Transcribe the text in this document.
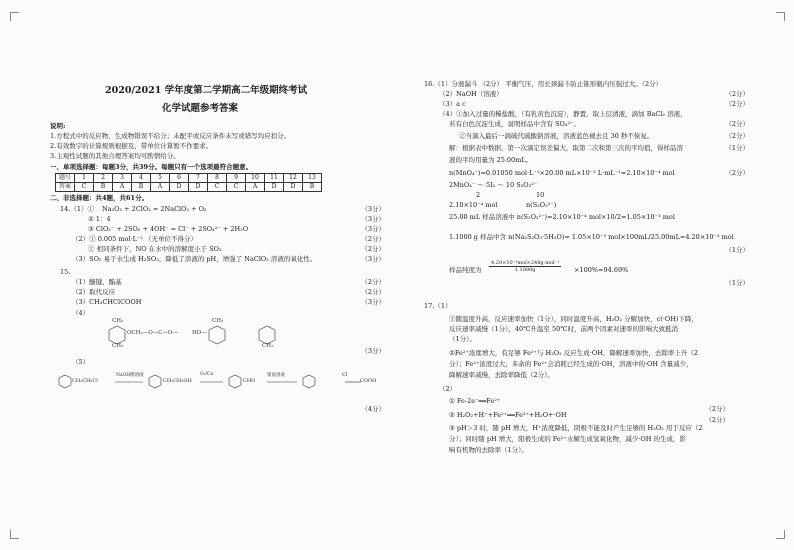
2020/2021 学年度第二学期高二年级期终考试
化学试题参考答案
说明:
1.方程式中的反应物、生成物错误不给分；未配平或反应条件未写或错写均应扣分。
2.有效数字的计算规则根据及，带单位计算暂不作要求。
3.主观性试题的其他合理答案均可酌情给分。
一、单项选择题：每题3分，共39分。每题只有一个选项最符合题意。
题号	1	2	3	4	5	6	7	8	9	10	11	12	13
答案	C	B	A	B	A	D	D	C	C	A	D	D	B
二、非选择题：共4题，共61分。
14.（1）① Na₂O₂ + 2ClO₂ = 2NaClO₂ + O₂	（3分）
② 1：4	（3分）
③ ClO₂⁻ + 2SO₂ + 4OH⁻ = Cl⁻ + 2SO₄²⁻ + 2H₂O	（3分）
（2）① 0.005 mol·L⁻¹ （无单位不得分）	（2分）
② 相同条件下，NO 在水中的溶解度小于 SO₂	（2分）
（3）SO₂ 易于水生成 H₂SO₃，降低了溶液的 pH，增强了 NaClO₂ 溶液的氧化性。	（3分）
15.
（1）醚键、酯基	（2分）
（2）取代反应	（2分）
（3）CH₃CHClCOOH	（3分）
（4）
CH₃
OCH₂—O—C—O—
CH₃
CH₃
HO—
CH₃
（3分）
（5）
CH₂CH₂Cl
NaOH醇溶液
CH₂CH₂OH
O₂/Cu
CHO
银氨溶液	Cl
COOH
（4分）
16.（1）分液漏斗 （2分） 平衡气压，用长颈漏斗防止锥形瓶内压强过大。（2分）
（2）NaOH（溶液）	（2分）
（3）a c	（2分）
（4）①加入过量的稀盐酸，（有乳黄色沉淀），静置，取上层清液，滴加 BaCl₂ 溶液，
若有白色沉淀生成，说明样品中含有 SO₄²⁻。	（2分）
②当滴入最后一滴硫代硫酸钠溶液，溶液蓝色褪去且 30 秒不恢复。	（2分）
解：根据表中数据，第一次滴定误差偏大，取第二次和第三次的平均值，得样品溶	（1分）
液的平均用量为 25.00mL。
n(MnO₄⁻)=0.01050 mol·L⁻¹×20.00 mL×10⁻³ L·mL⁻¹=2.10×10⁻⁴ mol	（2分）
2MnO₄⁻ ～ 5I₂ ～ 10 S₂O₃²⁻
2	10
2.10×10⁻⁴ mol	n(S₂O₃²⁻)
25.00 mL 样品溶液中 n(S₂O₃²⁻)=2.10×10⁻⁴ mol×10/2=1.05×10⁻³ mol
1.1000 g 样品中含 n(Na₂S₂O₃·5H₂O)= 1.05×10⁻³ mol×100mL/25.00mL=4.20×10⁻³ mol
（1分）
样品纯度为
4.20×10⁻³mol×248g·mol⁻¹
1.1000g	×100%=94.69%
（1分）
17.（1）
①随温度升高，反应速率加快（1分），同时温度升高，H₂O₂ 分解加快，c(·OH)下降，
反应速率减慢（1分），40℃升温至 50℃时，前两个因素对速率的影响大致抵消
（1分）。
②Fe²⁺浓度增大，有足够 Fe²⁺与 H₂O₂ 反应生成·OH，降解速率加快，去除率上升（2
分）；Fe²⁺浓度过大，多余的 Fe²⁺会消耗已经生成的·OH，溶液中的·OH 含量减少，
降解速率减慢，去除率降低（2分）。
（2）
① Fe-2e⁻══Fe²⁺
（2分）
② H₂O₂+H⁺+Fe²⁺══Fe³⁺+H₂O+·OH
（2分）
③ pH＞3 时，随 pH 增大，H⁺浓度降低，阴极不能及时产生足够的 H₂O₂ 用于反应（2
分）；同时随 pH 增大，阳极生成的 Fe²⁺水解生成氢氧化物，减少·OH 的生成，影
响有机物的去除率（1分）。
